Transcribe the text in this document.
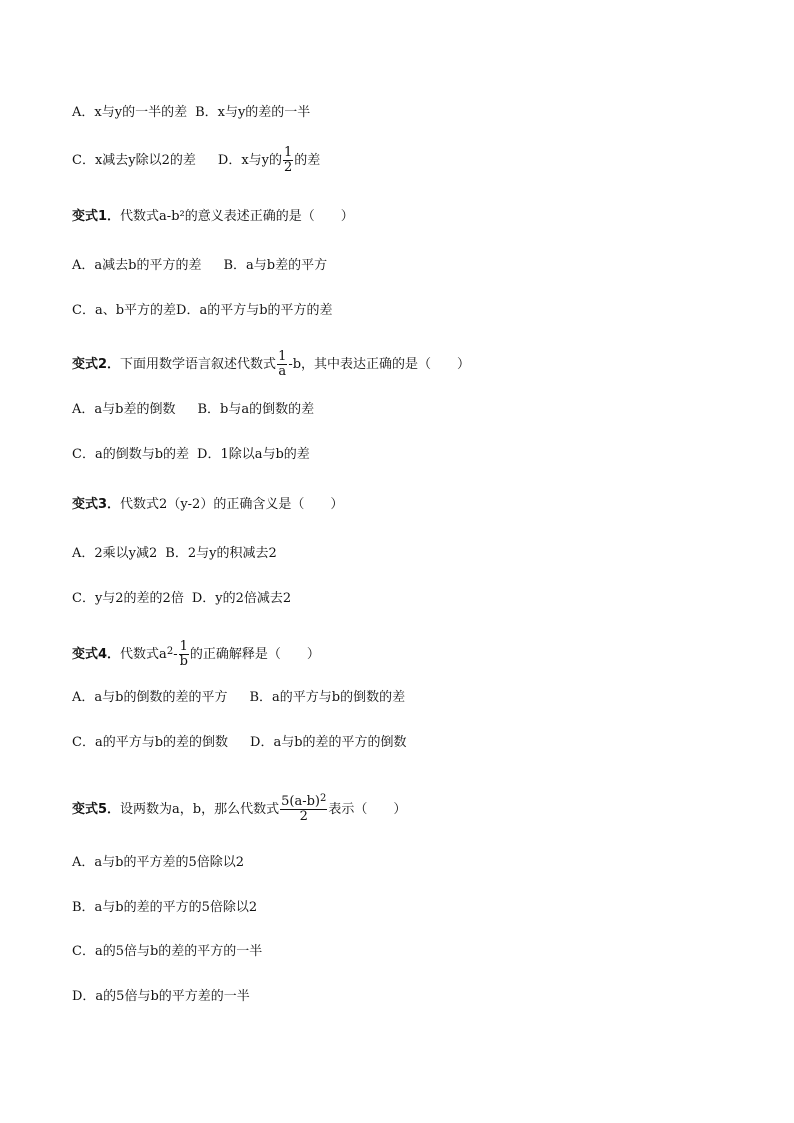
A．x与y的一半的差 B．x与y的差的一半
C．x减去y除以2的差 D．x与y的 $\frac{1}{2}$ 的差
变式1．代数式a-b²的意义表述正确的是（　　）
A．a减去b的平方的差 B．a与b差的平方
C．a、b平方的差D．a的平方与b的平方的差
变式2．下面用数学语言叙述代数式 $\frac{1}{a} -b$，其中表达正确的是（　　）
A．a与b差的倒数 B．b与a的倒数的差
C．a的倒数与b的差 D．1除以a与b的差
变式3．代数式2（y-2）的正确含义是（　　）
A．2乘以y减2 B．2与y的积减去2
C．y与2的差的2倍 D．y的2倍减去2
变式4．代数式$a^2- \frac{1}{b}$ 的正确解释是（　　）
A．a与b的倒数的差的平方 B．a的平方与b的倒数的差
C．a的平方与b的差的倒数 D．a与b的差的平方的倒数
变式5．设两数为a，b，那么代数式 $\frac{5(a-b)^2}{2}$ 表示（　　）
A．a与b的平方差的5倍除以2
B．a与b的差的平方的5倍除以2
C．a的5倍与b的差的平方的一半
D．a的5倍与b的平方差的一半
